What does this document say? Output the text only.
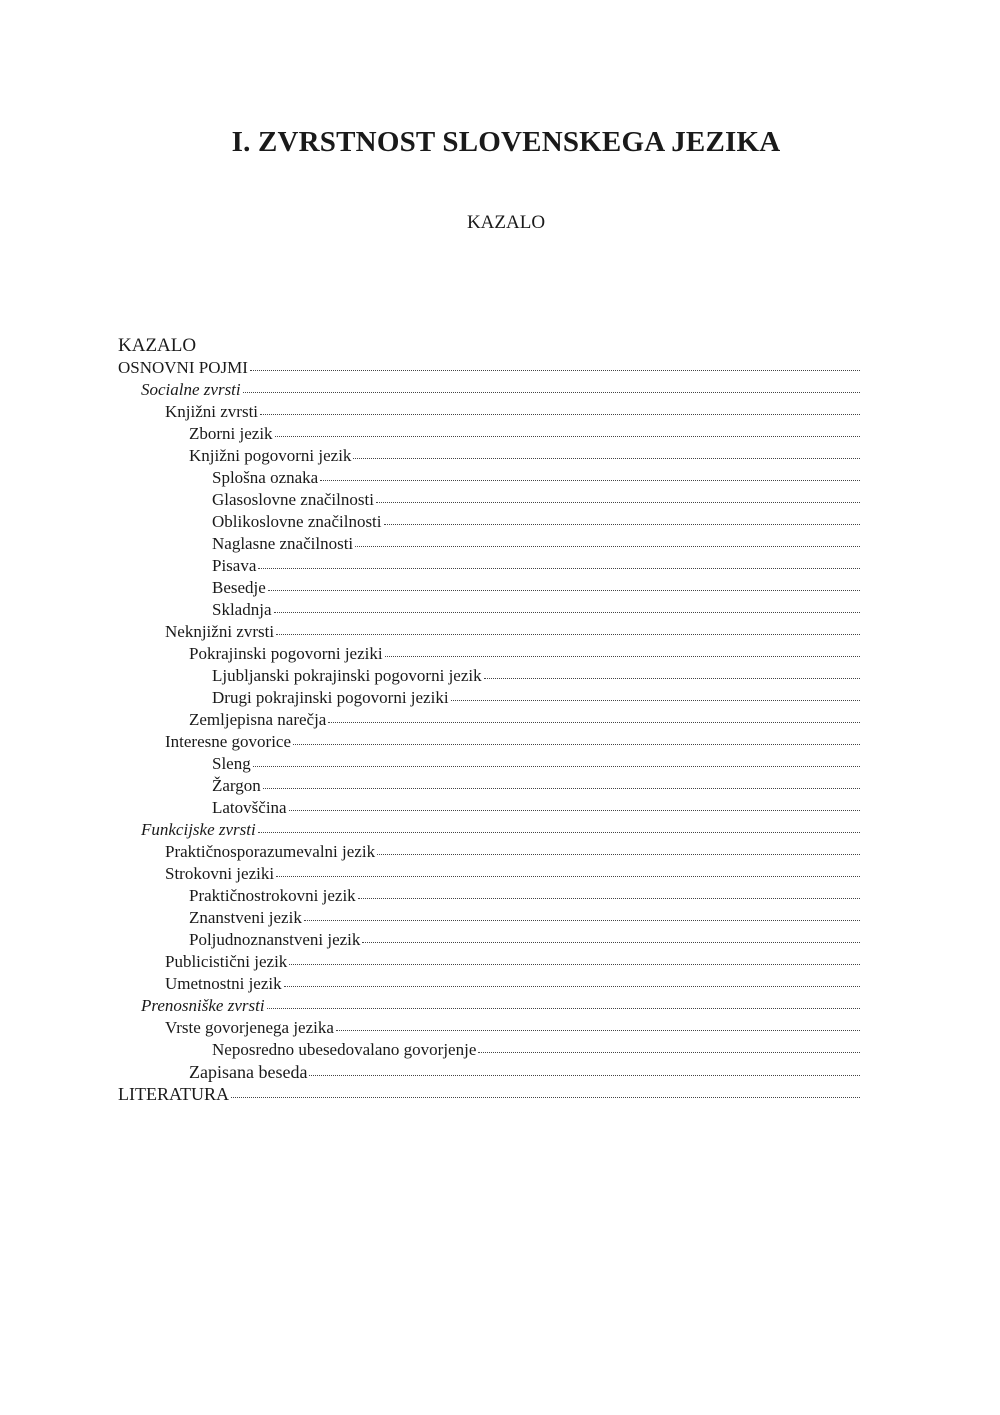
I. ZVRSTNOST SLOVENSKEGA JEZIKA
KAZALO
KAZALO
OSNOVNI POJMI
Socialne zvrsti
Knjižni zvrsti
Zborni jezik
Knjižni pogovorni jezik
Splošna oznaka
Glasoslovne značilnosti
Oblikoslovne značilnosti
Naglasne značilnosti
Pisava
Besedje
Skladnja
Neknjižni zvrsti
Pokrajinski pogovorni jeziki
Ljubljanski pokrajinski pogovorni jezik
Drugi pokrajinski pogovorni jeziki
Zemljepisna narečja
Interesne govorice
Sleng
Žargon
Latovščina
Funkcijske zvrsti
Praktičnosporazumevalni jezik
Strokovni jeziki
Praktičnostrokovni jezik
Znanstveni jezik
Poljudnoznanstveni jezik
Publicistični jezik
Umetnostni jezik
Prenosniške zvrsti
Vrste govorjenega jezika
Neposredno ubesedovalano govorjenje
Zapisana beseda
LITERATURA
